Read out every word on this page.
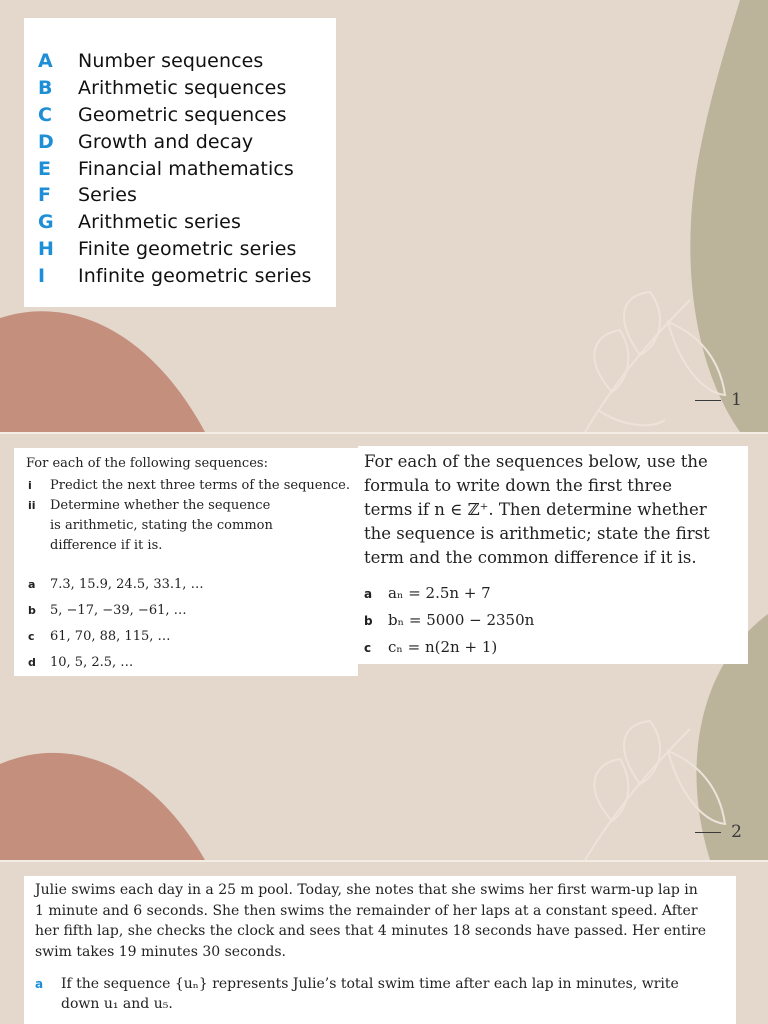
A	Number sequences
B	Arithmetic sequences
C	Geometric sequences
D	Growth and decay
E	Financial mathematics
F	Series
G	Arithmetic series
H	Finite geometric series
I	Infinite geometric series
1
For each of the following sequences:
i Predict the next three terms of the sequence.
ii Determine whether the sequence
is arithmetic, stating the common
difference if it is.
a 7.3, 15.9, 24.5, 33.1, …
b 5, −17, −39, −61, …
c 61, 70, 88, 115, …
d 10, 5, 2.5, …
For each of the sequences below, use the
formula to write down the first three
terms if n ∈ ℤ⁺. Then determine whether
the sequence is arithmetic; state the first
term and the common difference if it is.
a aₙ = 2.5n + 7
b bₙ = 5000 − 2350n
c cₙ = n(2n + 1)
2
Julie swims each day in a 25 m pool. Today, she notes that she swims her first warm-up lap in
1 minute and 6 seconds. She then swims the remainder of her laps at a constant speed. After
her fifth lap, she checks the clock and sees that 4 minutes 18 seconds have passed. Her entire
swim takes 19 minutes 30 seconds.
a If the sequence {uₙ} represents Julie’s total swim time after each lap in minutes, write
down u₁ and u₅.
